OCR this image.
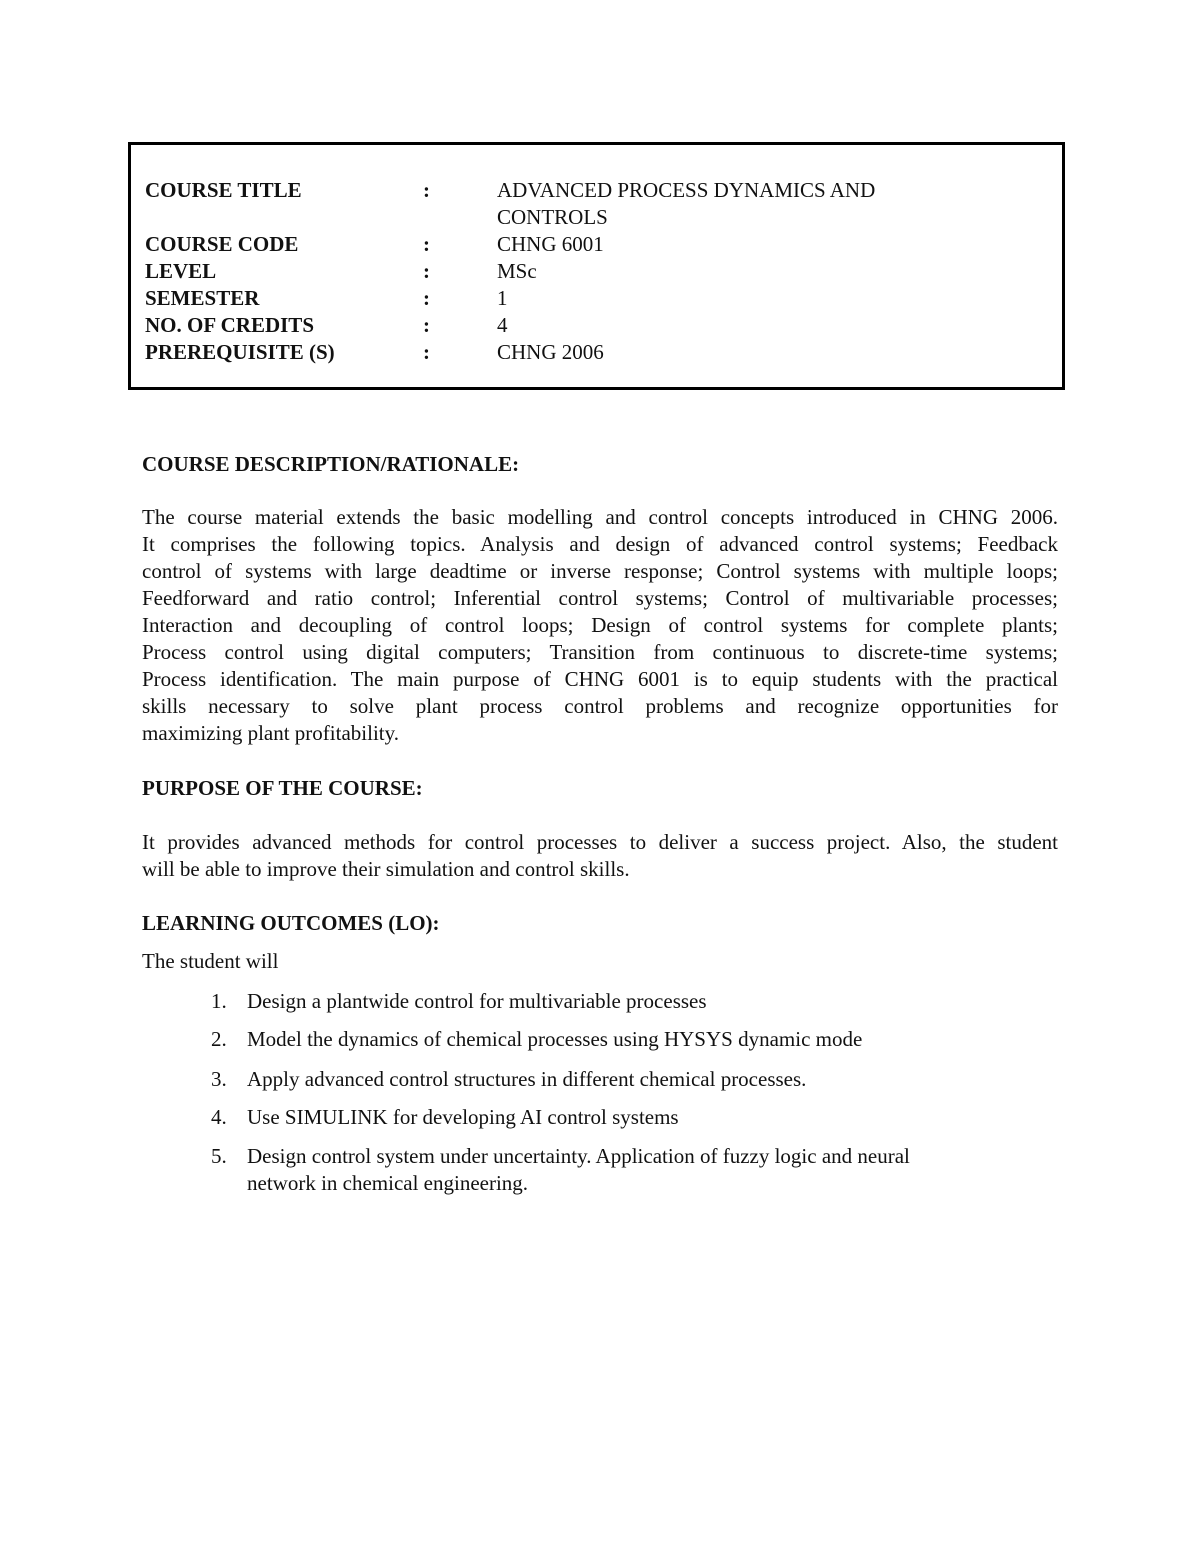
COURSE TITLE	:	ADVANCED PROCESS DYNAMICS AND
CONTROLS
COURSE CODE	:	CHNG 6001
LEVEL	:	MSc
SEMESTER	:	1
NO. OF CREDITS	:	4
PREREQUISITE (S)	:	CHNG 2006
COURSE DESCRIPTION/RATIONALE:
The course material extends the basic modelling and control concepts introduced in CHNG 2006.
It comprises the following topics. Analysis and design of advanced control systems; Feedback
control of systems with large deadtime or inverse response; Control systems with multiple loops;
Feedforward and ratio control; Inferential control systems; Control of multivariable processes;
Interaction and decoupling of control loops; Design of control systems for complete plants;
Process control using digital computers; Transition from continuous to discrete-time systems;
Process identification. The main purpose of CHNG 6001 is to equip students with the practical
skills necessary to solve plant process control problems and recognize opportunities for
maximizing plant profitability.
PURPOSE OF THE COURSE:
It provides advanced methods for control processes to deliver a success project. Also, the student
will be able to improve their simulation and control skills.
LEARNING OUTCOMES (LO):
The student will
1. Design a plantwide control for multivariable processes
2. Model the dynamics of chemical processes using HYSYS dynamic mode
3. Apply advanced control structures in different chemical processes.
4. Use SIMULINK for developing AI control systems
5. Design control system under uncertainty. Application of fuzzy logic and neural
network in chemical engineering.
